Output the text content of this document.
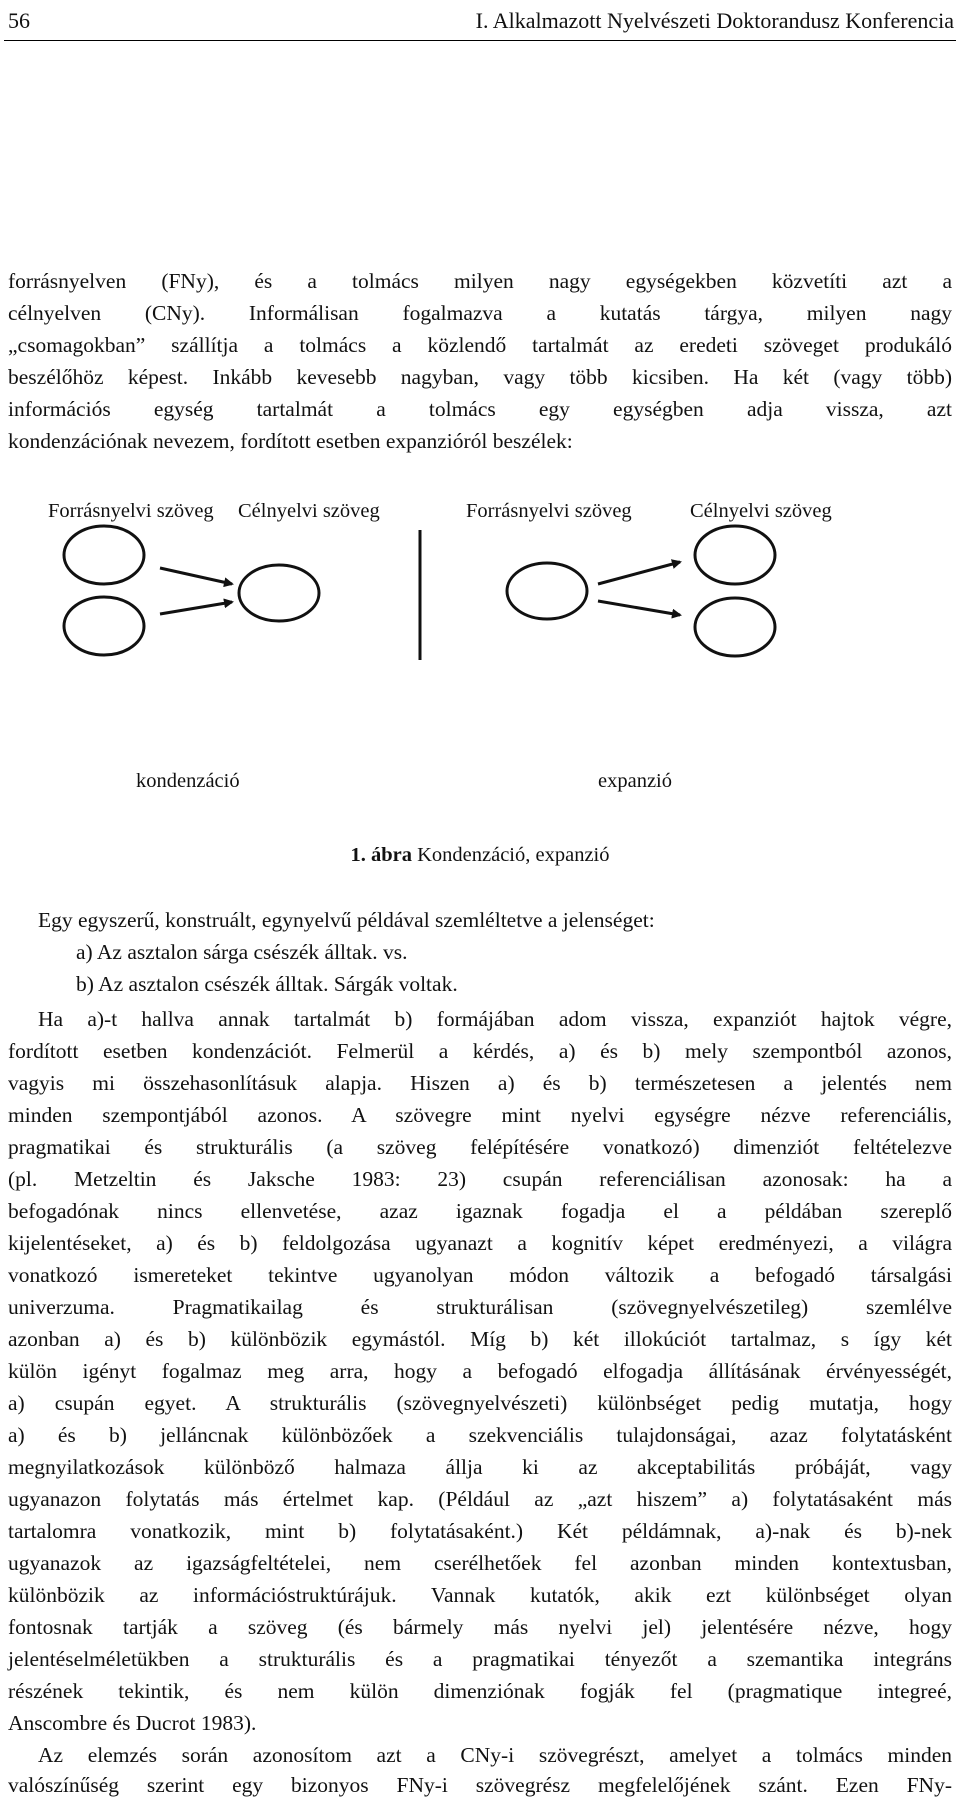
56	I. Alkalmazott Nyelvészeti Doktorandusz Konferencia
forrásnyelven (FNy), és a tolmács milyen nagy egységekben közvetíti azt a
célnyelven (CNy). Informálisan fogalmazva a kutatás tárgya, milyen nagy
„csomagokban” szállítja a tolmács a közlendő tartalmát az eredeti szöveget produkáló
beszélőhöz képest. Inkább kevesebb nagyban, vagy több kicsiben. Ha két (vagy több)
információs egység tartalmát a tolmács egy egységben adja vissza, azt
kondenzációnak nevezem, fordított esetben expanzióról beszélek:
Forrásnyelvi szöveg Célnyelvi szöveg	Forrásnyelvi szöveg	Célnyelvi szöveg
kondenzáció	expanzió
1. ábra Kondenzáció, expanzió
Egy egyszerű, konstruált, egynyelvű példával szemléltetve a jelenséget:
a) Az asztalon sárga csészék álltak. vs.
b) Az asztalon csészék álltak. Sárgák voltak.
Ha a)-t hallva annak tartalmát b) formájában adom vissza, expanziót hajtok végre,
fordított esetben kondenzációt. Felmerül a kérdés, a) és b) mely szempontból azonos,
vagyis mi összehasonlításuk alapja. Hiszen a) és b) természetesen a jelentés nem
minden szempontjából azonos. A szövegre mint nyelvi egységre nézve referenciális,
pragmatikai és strukturális (a szöveg felépítésére vonatkozó) dimenziót feltételezve
(pl. Metzeltin és Jaksche 1983: 23) csupán referenciálisan azonosak: ha a
befogadónak nincs ellenvetése, azaz igaznak fogadja el a példában szereplő
kijelentéseket, a) és b) feldolgozása ugyanazt a kognitív képet eredményezi, a világra
vonatkozó ismereteket tekintve ugyanolyan módon változik a befogadó társalgási
univerzuma. Pragmatikailag és strukturálisan (szövegnyelvészetileg) szemlélve
azonban a) és b) különbözik egymástól. Míg b) két illokúciót tartalmaz, s így két
külön igényt fogalmaz meg arra, hogy a befogadó elfogadja állításának érvényességét,
a) csupán egyet. A strukturális (szövegnyelvészeti) különbséget pedig mutatja, hogy
a) és b) jelláncnak különbözőek a szekvenciális tulajdonságai, azaz folytatásként
megnyilatkozások különböző halmaza állja ki az akceptabilitás próbáját, vagy
ugyanazon folytatás más értelmet kap. (Például az „azt hiszem” a) folytatásaként más
tartalomra vonatkozik, mint b) folytatásaként.) Két példámnak, a)-nak és b)-nek
ugyanazok az igazságfeltételei, nem cserélhetőek fel azonban minden kontextusban,
különbözik az információstruktúrájuk. Vannak kutatók, akik ezt különbséget olyan
fontosnak tartják a szöveg (és bármely más nyelvi jel) jelentésére nézve, hogy
jelentéselméletükben a strukturális és a pragmatikai tényezőt a szemantika integráns
részének tekintik, és nem külön dimenziónak fogják fel (pragmatique integreé,
Anscombre és Ducrot 1983).
Az elemzés során azonosítom azt a CNy-i szövegrészt, amelyet a tolmács minden
valószínűség szerint egy bizonyos FNy-i szövegrész megfelelőjének szánt. Ezen FNy-
